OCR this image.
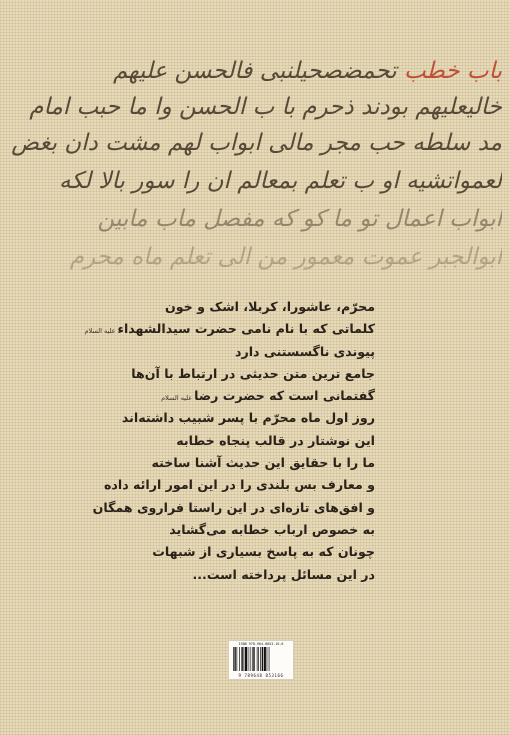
باب خطب تحمضصحیلنبی فالحسن علیهم
خالیعلیهم بودند ذحرم با ب الحسن وا ما حبب امام
مد سلطه حب مجر مالی ابواب لهم مشت دان بغض
لعمواتشیه او ب تعلم بمعالم ان را سور بالا لکه
ابواب اعمال تو ما کو که مفصل ماب مابین
ابوالجبر عموت معمور من الی تعلم ماه محرم
محرّم، عاشورا، کربلا، اشک و خون
کلماتی که با نام نامی حضرت سیدالشهداءعلیه السلام
پیوندی ناگسستنی دارد
جامع ترین متن حدیثی در ارتباط با آن‌ها
گفتمانی است که حضرت رضاعلیه السلام
روز اول ماه محرّم با پسر شبیب داشته‌اند
این نوشتار در قالب پنجاه خطابه
ما را با حقایق این حدیث آشنا ساخته
و معارف بس بلندی را در این امور ارائه داده
و افق‌های تازه‌ای در این راستا فراروی همگان
به خصوص ارباب خطابه می‌گشاید
چونان که به پاسخ بسیاری از شبهات
در این مسائل پرداخته است...
ISBN 978-964-8853-16-6
9 789648 853166
